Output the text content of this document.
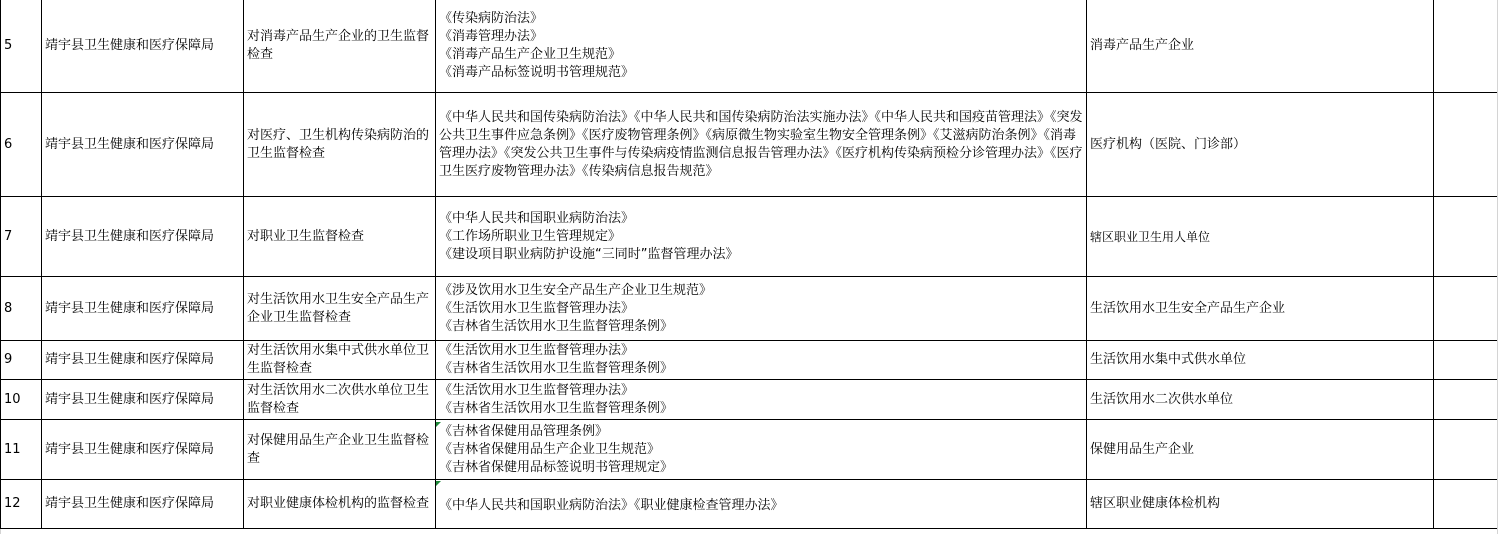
5	靖宇县卫生健康和医疗保障局	对消毒产品生产企业的卫生监督检查	《传染病防治法》
《消毒管理办法》
《消毒产品生产企业卫生规范》
《消毒产品标签说明书管理规范》	消毒产品生产企业	
6	靖宇县卫生健康和医疗保障局	对医疗、卫生机构传染病防治的卫生监督检查	《中华人民共和国传染病防治法》《中华人民共和国传染病防治法实施办法》《中华人民共和国疫苗管理法》《突发公共卫生事件应急条例》《医疗废物管理条例》《病原微生物实验室生物安全管理条例》《艾滋病防治条例》《消毒管理办法》《突发公共卫生事件与传染病疫情监测信息报告管理办法》《医疗机构传染病预检分诊管理办法》《医疗卫生医疗废物管理办法》《传染病信息报告规范》	医疗机构（医院、门诊部）	
7	靖宇县卫生健康和医疗保障局	对职业卫生监督检查	《中华人民共和国职业病防治法》
《工作场所职业卫生管理规定》
《建设项目职业病防护设施“三同时”监督管理办法》	辖区职业卫生用人单位	
8	靖宇县卫生健康和医疗保障局	对生活饮用水卫生安全产品生产企业卫生监督检查	《涉及饮用水卫生安全产品生产企业卫生规范》
《生活饮用水卫生监督管理办法》
《吉林省生活饮用水卫生监督管理条例》	生活饮用水卫生安全产品生产企业	
9	靖宇县卫生健康和医疗保障局	对生活饮用水集中式供水单位卫生监督检查	《生活饮用水卫生监督管理办法》
《吉林省生活饮用水卫生监督管理条例》	生活饮用水集中式供水单位	
10	靖宇县卫生健康和医疗保障局	对生活饮用水二次供水单位卫生监督检查	《生活饮用水卫生监督管理办法》
《吉林省生活饮用水卫生监督管理条例》	生活饮用水二次供水单位	
11	靖宇县卫生健康和医疗保障局	对保健用品生产企业卫生监督检查	《吉林省保健用品管理条例》
《吉林省保健用品生产企业卫生规范》
《吉林省保健用品标签说明书管理规定》	保健用品生产企业	
12	靖宇县卫生健康和医疗保障局	对职业健康体检机构的监督检查	《中华人民共和国职业病防治法》《职业健康检查管理办法》	辖区职业健康体检机构	
